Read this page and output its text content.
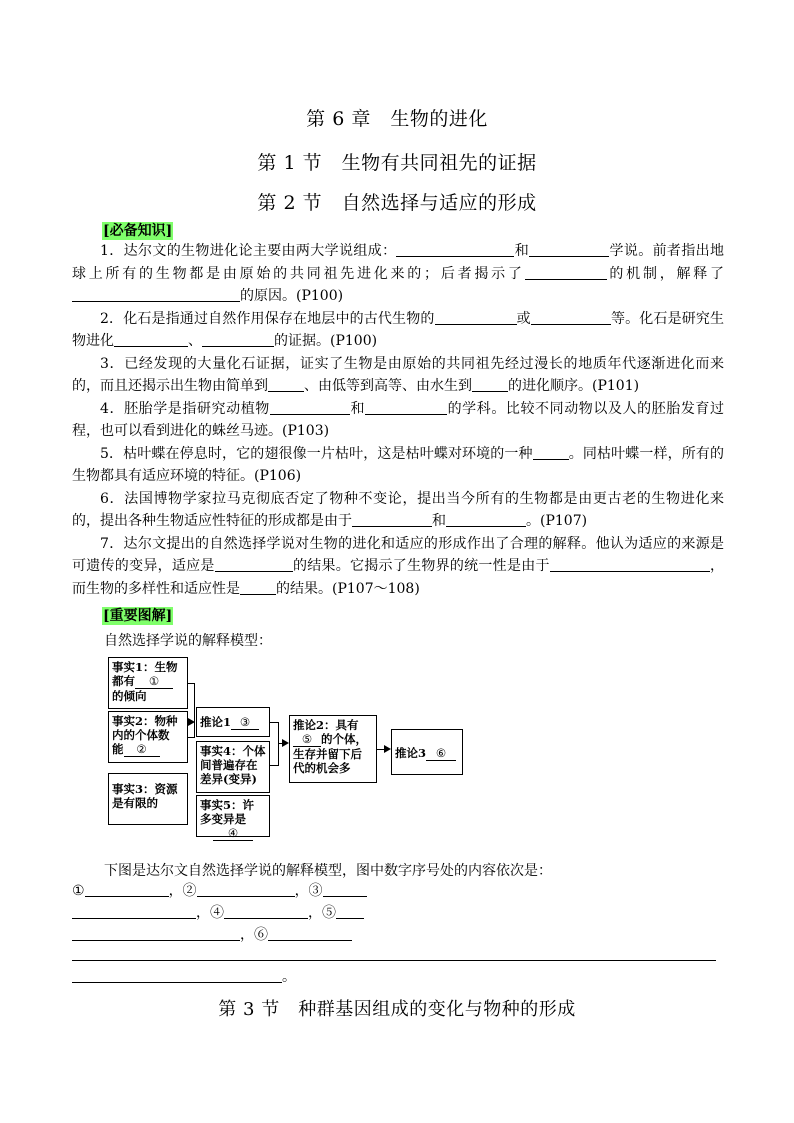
第 6 章　生物的进化
第 1 节　生物有共同祖先的证据
第 2 节　自然选择与适应的形成
[必备知识]

1．达尔文的生物进化论主要由两大学说组成：	和	学说。前者指出地球上所有的生物都是由原始的共同祖先进化来的；后者揭示了	的机制，解释了的原因。(P100)

2．化石是指通过自然作用保存在地层中的古代生物的	或	等。化石是研究生物进化	、	的证据。(P100)

3．已经发现的大量化石证据，证实了生物是由原始的共同祖先经过漫长的地质年代逐渐进化而来的，而且还揭示出生物由简单到	、由低等到高等、由水生到	的进化顺序。(P101)

4．胚胎学是指研究动植物	和	的学科。比较不同动物以及人的胚胎发育过程，也可以看到进化的蛛丝马迹。(P103)

5．枯叶蝶在停息时，它的翅很像一片枯叶，这是枯叶蝶对环境的一种	。同枯叶蝶一样，所有的生物都具有适应环境的特征。(P106)

6．法国博物学家拉马克彻底否定了物种不变论，提出当今所有的生物都是由更古老的生物进化来的，提出各种生物适应性特征的形成都是由于	和	。(P107)

7．达尔文提出的自然选择学说对生物的进化和适应的形成作出了合理的解释。他认为适应的来源是可遗传的变异，适应是	的结果。它揭示了生物界的统一性是由于	，而生物的多样性和适应性是	的结果。(P107～108)

[重要图解]
自然选择学说的解释模型：
事实1：生物
都有 ①
的倾向
事实2：物种
内的个体数
能 ②
事实3：资源
是有限的
推论1 ③
事实4：个体
间普遍存在
差异(变异)
事实5：许
多变异是
④
推论2：具有
⑤ 的个体，
生存并留下后
代的机会多
推论3 ⑥
下图是达尔文自然选择学说的解释模型，图中数字序号处的内容依次是：
①	，②	，③
，④	，⑤
，⑥
。
第 3 节　种群基因组成的变化与物种的形成
